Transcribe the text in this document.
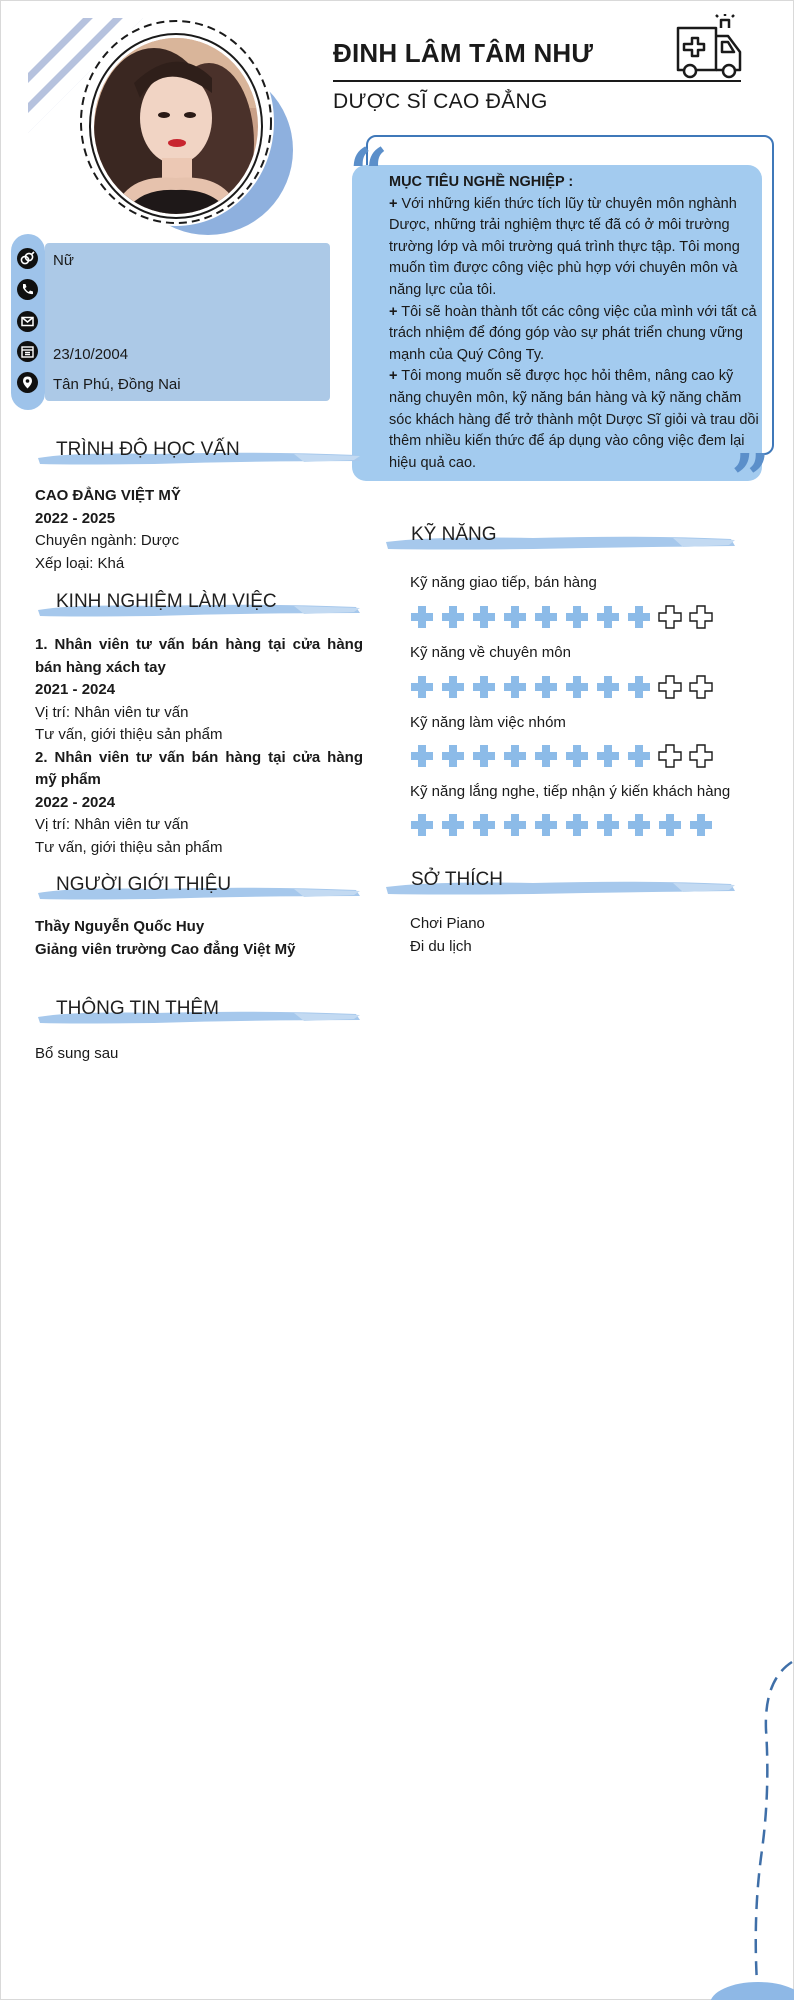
ĐINH LÂM TÂM NHƯ
DƯỢC SĨ CAO ĐẲNG
Nữ
23/10/2004
Tân Phú, Đồng Nai
“
”
MỤC TIÊU NGHỀ NGHIỆP :
+ Với những kiến thức tích lũy từ chuyên môn nghành Dược, những trải nghiệm thực tế đã có ở môi trường trường lớp và môi trường quá trình thực tập. Tôi mong muốn tìm được công việc phù hợp với chuyên môn và năng lực của tôi.
+ Tôi sẽ hoàn thành tốt các công việc của mình với tất cả trách nhiệm để đóng góp vào sự phát triển chung vững mạnh của Quý Công Ty.
+ Tôi mong muốn sẽ được học hỏi thêm, nâng cao kỹ năng chuyên môn, kỹ năng bán hàng và kỹ năng chăm sóc khách hàng để trở thành một Dược Sĩ giỏi và trau dồi thêm nhiều kiến thức để áp dụng vào công việc đem lại hiệu quả cao.
TRÌNH ĐỘ HỌC VẤN
CAO ĐẲNG VIỆT MỸ
2022 - 2025
Chuyên ngành: Dược
Xếp loại: Khá
KINH NGHIỆM LÀM VIỆC
1. Nhân viên tư vấn bán hàng tại cửa hàng bán hàng xách tay
2021 - 2024
Vị trí: Nhân viên tư vấn
Tư vấn, giới thiệu sản phẩm
2. Nhân viên tư vấn bán hàng tại cửa hàng mỹ phẩm
2022 - 2024
Vị trí: Nhân viên tư vấn
Tư vấn, giới thiệu sản phẩm
NGƯỜI GIỚI THIỆU
Thầy Nguyễn Quốc Huy
Giảng viên trường Cao đẳng Việt Mỹ
THÔNG TIN THÊM
Bổ sung sau
KỸ NĂNG
Kỹ năng giao tiếp, bán hàng
Kỹ năng về chuyên môn
Kỹ năng làm việc nhóm
Kỹ năng lắng nghe, tiếp nhận ý kiến khách hàng
SỞ THÍCH
Chơi Piano
Đi du lịch
